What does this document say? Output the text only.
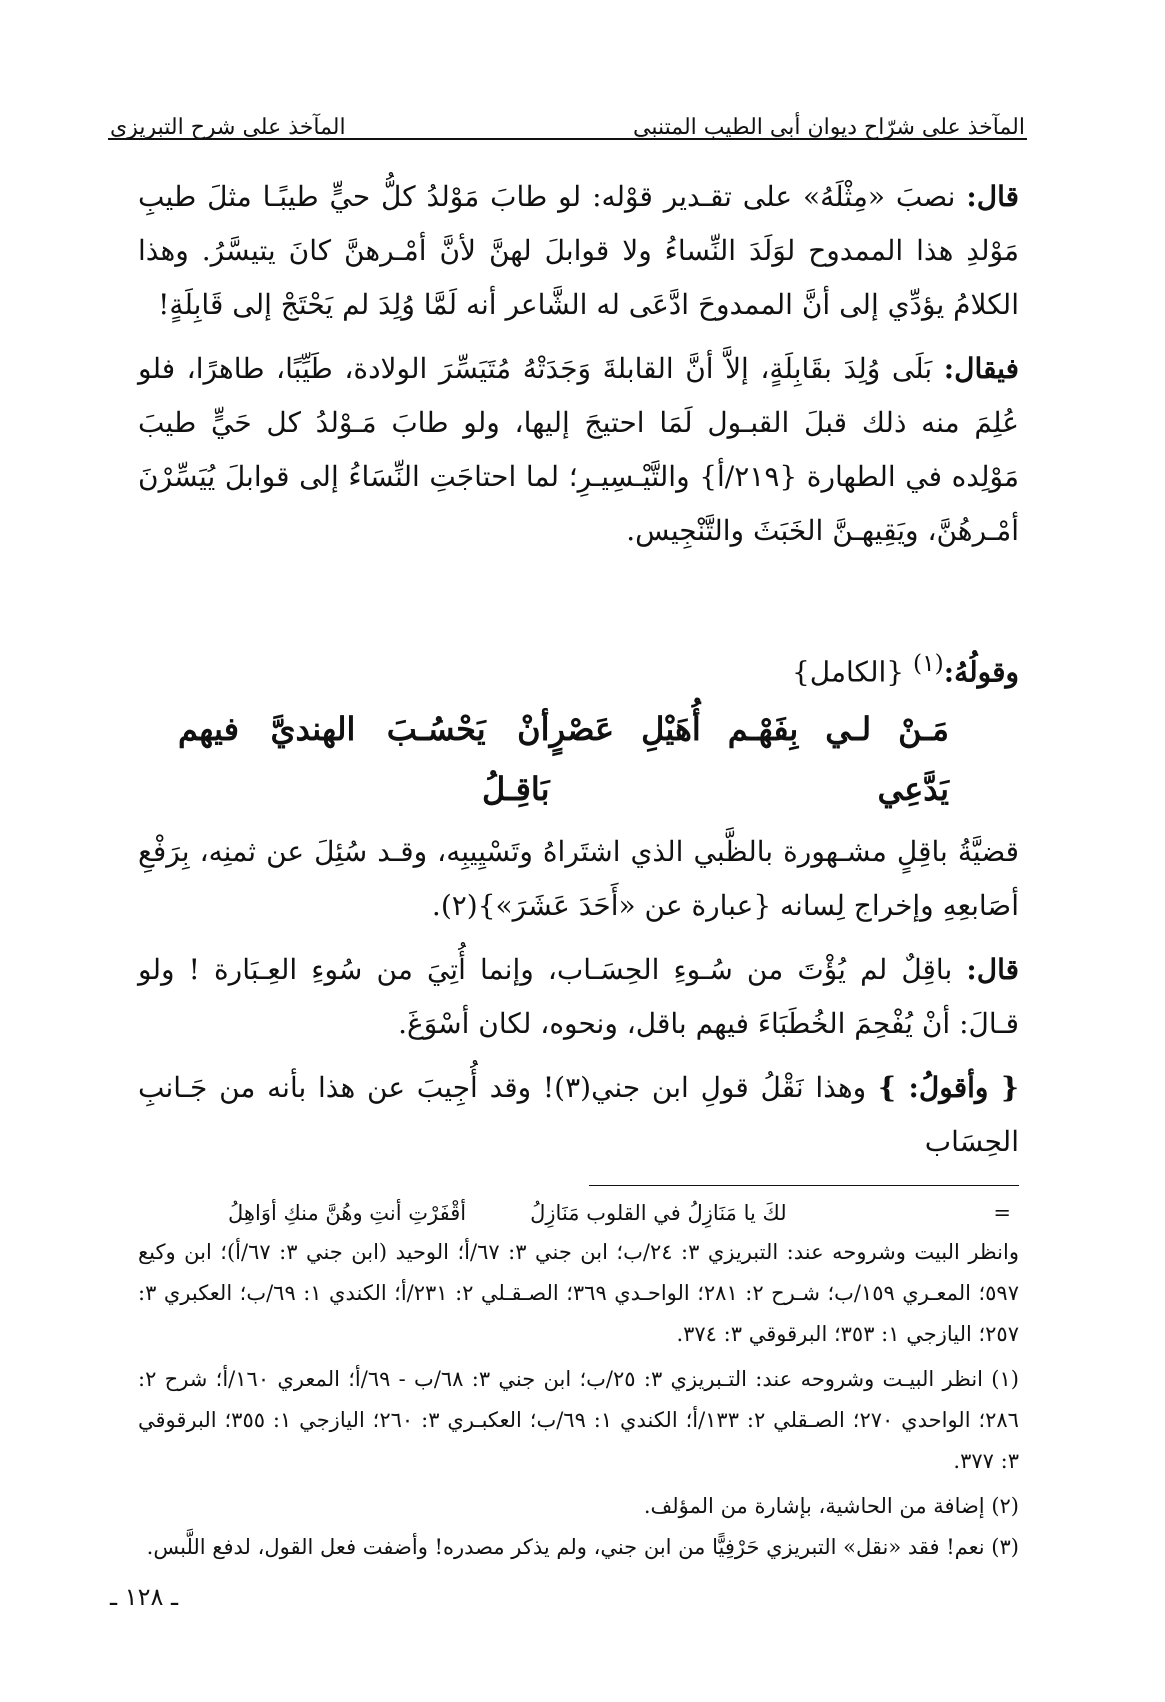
المآخذ على شرّاح ديوان أبي الطيب المتنبي
المآخذ على شرح التبريزي

قال: نصبَ «مِثْلَهُ» على تقـدير قوْله: لو طابَ مَوْلدُ كلُّ حيٍّ طيبًـا مثلَ طيبِ مَوْلدِ هذا الممدوح لوَلَدَ النِّساءُ ولا قوابلَ لهنَّ لأنَّ أمْـرهنَّ كانَ يتيسَّرُ. وهذا الكلامُ يؤدِّي إلى أنَّ الممدوحَ ادَّعَى له الشَّاعر أنه لَمَّا وُلِدَ لم يَحْتَجْ إلى قَابِلَةٍ!

فيقال: بَلَى وُلِدَ بقَابِلَةٍ، إلاَّ أنَّ القابلةَ وَجَدَتْهُ مُتَيَسِّرَ الولادة، طَيِّبًا، طاهرًا، فلو عُلِمَ منه ذلك قبلَ القبـول لَمَا احتيجَ إليها، ولو طابَ مَـوْلدُ كل حَيٍّ طيبَ مَوْلِده في الطهارة {٢١٩/أ} والتَّيْـسِيـرِ؛ لما احتاجَتِ النِّسَاءُ إلى قوابلَ يُيَسِّرْنَ أمْـرهُنَّ، ويَقِيهـنَّ الخَبَثَ والتَّنْجِيس.

وقولُهُ:$^{(١)}$ {الكامل}

مَـنْ لـي بِفَهْـم أُهَيْلِ عَصْرٍ يَدَّعِي
أنْ يَحْسُـبَ الهنديَّ فيهم بَاقِـلُ

قضيَّةُ باقِلٍ مشـهورة بالظَّبي الذي اشتَراهُ وتَسْيِيبِه، وقـد سُئِلَ عن ثمنِه، بِرَفْعِ أصَابعِهِ وإخراج لِسانه {عبارة عن «أَحَدَ عَشَرَ»}(٢).

قال: باقِلٌ لم يُؤْتَ من سُـوءِ الحِسَـاب، وإنما أُتِيَ من سُوءِ العِـبَارة ! ولو قـالَ: أنْ يُفْحِمَ الخُطَبَاءَ فيهم باقل، ونحوه، لكان أسْوَغَ.

{ وأقولُ: } وهذا نَقْلُ قولِ ابن جني(٣)! وقد أُجِيبَ عن هذا بأنه من جَـانبِ الحِسَاب

=
لكَ يا مَنَازِلُ في القلوب مَنَازِلُ
أقْفَرْتِ أنتِ وهُنَّ منكِ أوَاهِلُ

وانظر البيت وشروحه عند: التبريزي ٣: ٢٤/ب؛ ابن جني ٣: ٦٧/أ؛ الوحيد (ابن جني ٣: ٦٧/أ)؛ ابن وكيع ٥٩٧؛ المعـري ١٥٩/ب؛ شـرح ٢: ٢٨١؛ الواحـدي ٣٦٩؛ الصـقـلي ٢: ٢٣١/أ؛ الكندي ١: ٦٩/ب؛ العكبري ٣: ٢٥٧؛ اليازجي ١: ٣٥٣؛ البرقوقي ٣: ٣٧٤.

(١) انظر البيـت وشروحه عند: التـبريزي ٣: ٢٥/ب؛ ابن جني ٣: ٦٨/ب - ٦٩/أ؛ المعري ١٦٠/أ؛ شرح ٢: ٢٨٦؛ الواحدي ٢٧٠؛ الصـقلي ٢: ١٣٣/أ؛ الكندي ١: ٦٩/ب؛ العكبـري ٣: ٢٦٠؛ اليازجي ١: ٣٥٥؛ البرقوقي ٣: ٣٧٧.

(٢) إضافة من الحاشية، بإشارة من المؤلف.

(٣) نعم! فقد «نقل» التبريزي حَرْفِيًّا من ابن جني، ولم يذكر مصدره! وأضفت فعل القول، لدفع اللَّبس.

ـ ١٢٨ ـ
